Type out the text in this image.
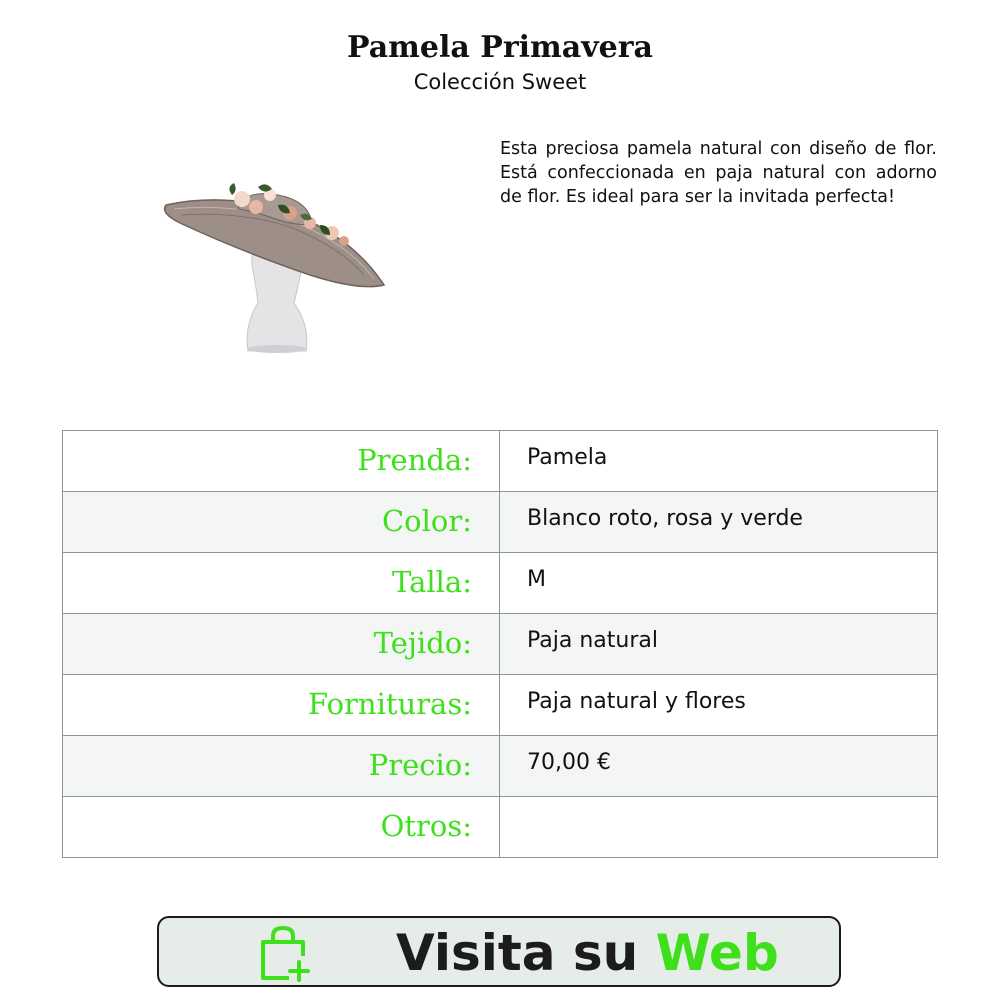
Pamela Primavera
Colección Sweet
Esta preciosa pamela natural con diseño de flor. Está confeccionada en paja natural con adorno de flor. Es ideal para ser la invitada perfecta!
Prenda:	Pamela
Color:	Blanco roto, rosa y verde
Talla:	M
Tejido:	Paja natural
Fornituras:	Paja natural y flores
Precio:	70,00 €
Otros:	
Visita su Web
